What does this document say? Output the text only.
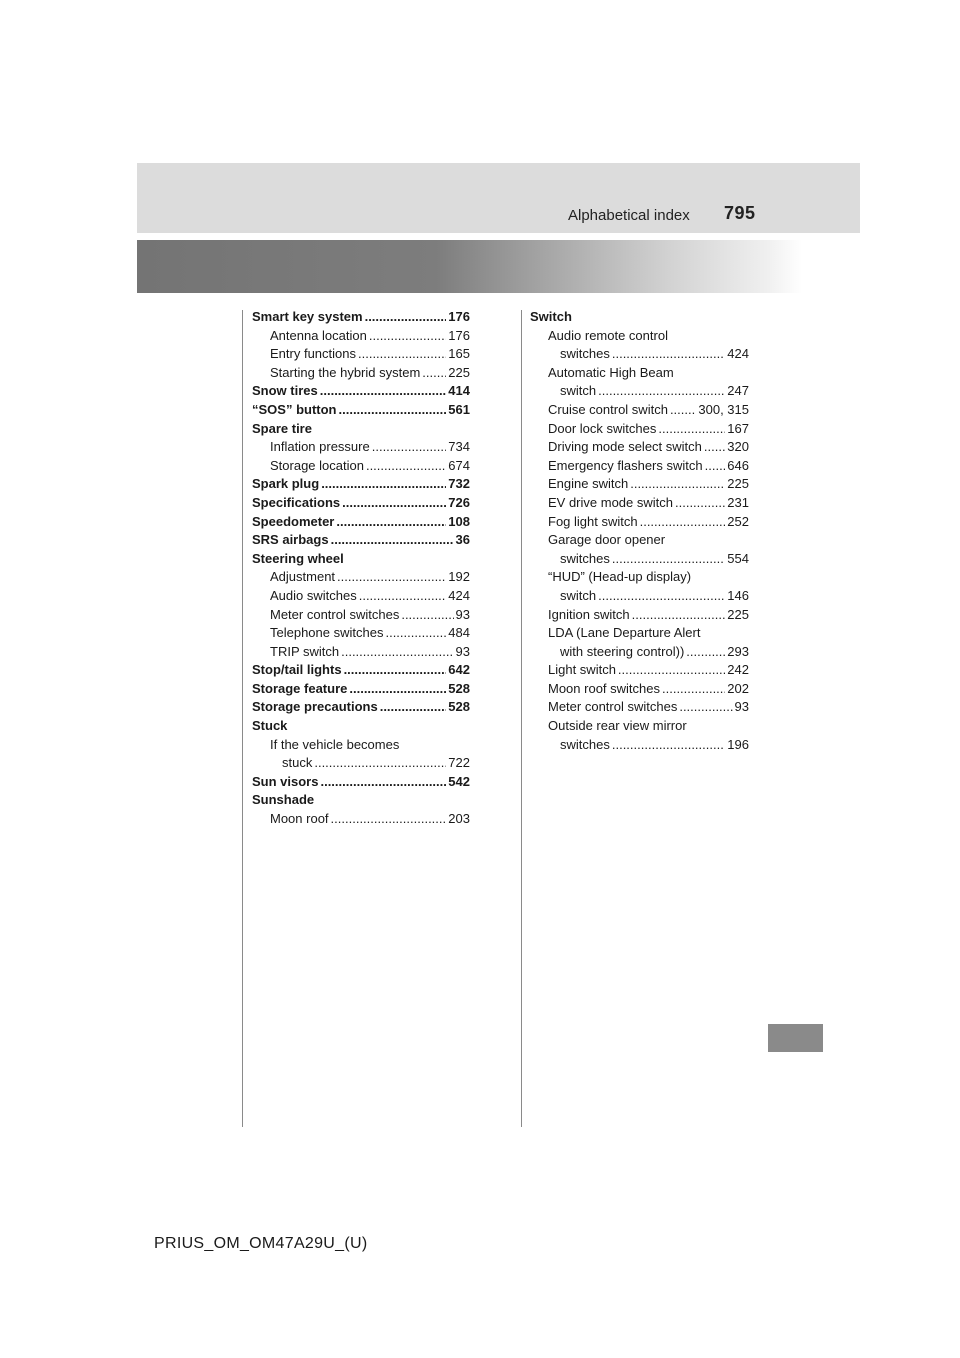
Alphabetical index 795
Smart key system .....	176
Antenna location .....	176
Entry functions .....	165
Starting the hybrid system ..... 225
Snow tires .....	414
“SOS” button .....	561
Spare tire
Inflation pressure .....	734
Storage location .....	674
Spark plug .....	732
Specifications .....	726
Speedometer .....	108
SRS airbags .....	36
Steering wheel
Adjustment .....	192
Audio switches .....	424
Meter control switches .....	93
Telephone switches .....	484
TRIP switch .....	93
Stop/tail lights .....	642
Storage feature .....	528
Storage precautions .....	528
Stuck
If the vehicle becomes
stuck .....	722
Sun visors .....	542
Sunshade
Moon roof .....	203
Switch
Audio remote control
switches .....	424
Automatic High Beam
switch .....	247
Cruise control switch ..... 300, 315
Door lock switches .....	167
Driving mode select switch ..... 320
Emergency flashers switch ..... 646
Engine switch .....	225
EV drive mode switch .....	231
Fog light switch .....	252
Garage door opener
switches .....	554
“HUD” (Head-up display)
switch .....	146
Ignition switch .....	225
LDA (Lane Departure Alert
with steering control)) .....	293
Light switch .....	242
Moon roof switches .....	202
Meter control switches .....	93
Outside rear view mirror
switches .....	196
PRIUS_OM_OM47A29U_(U)
